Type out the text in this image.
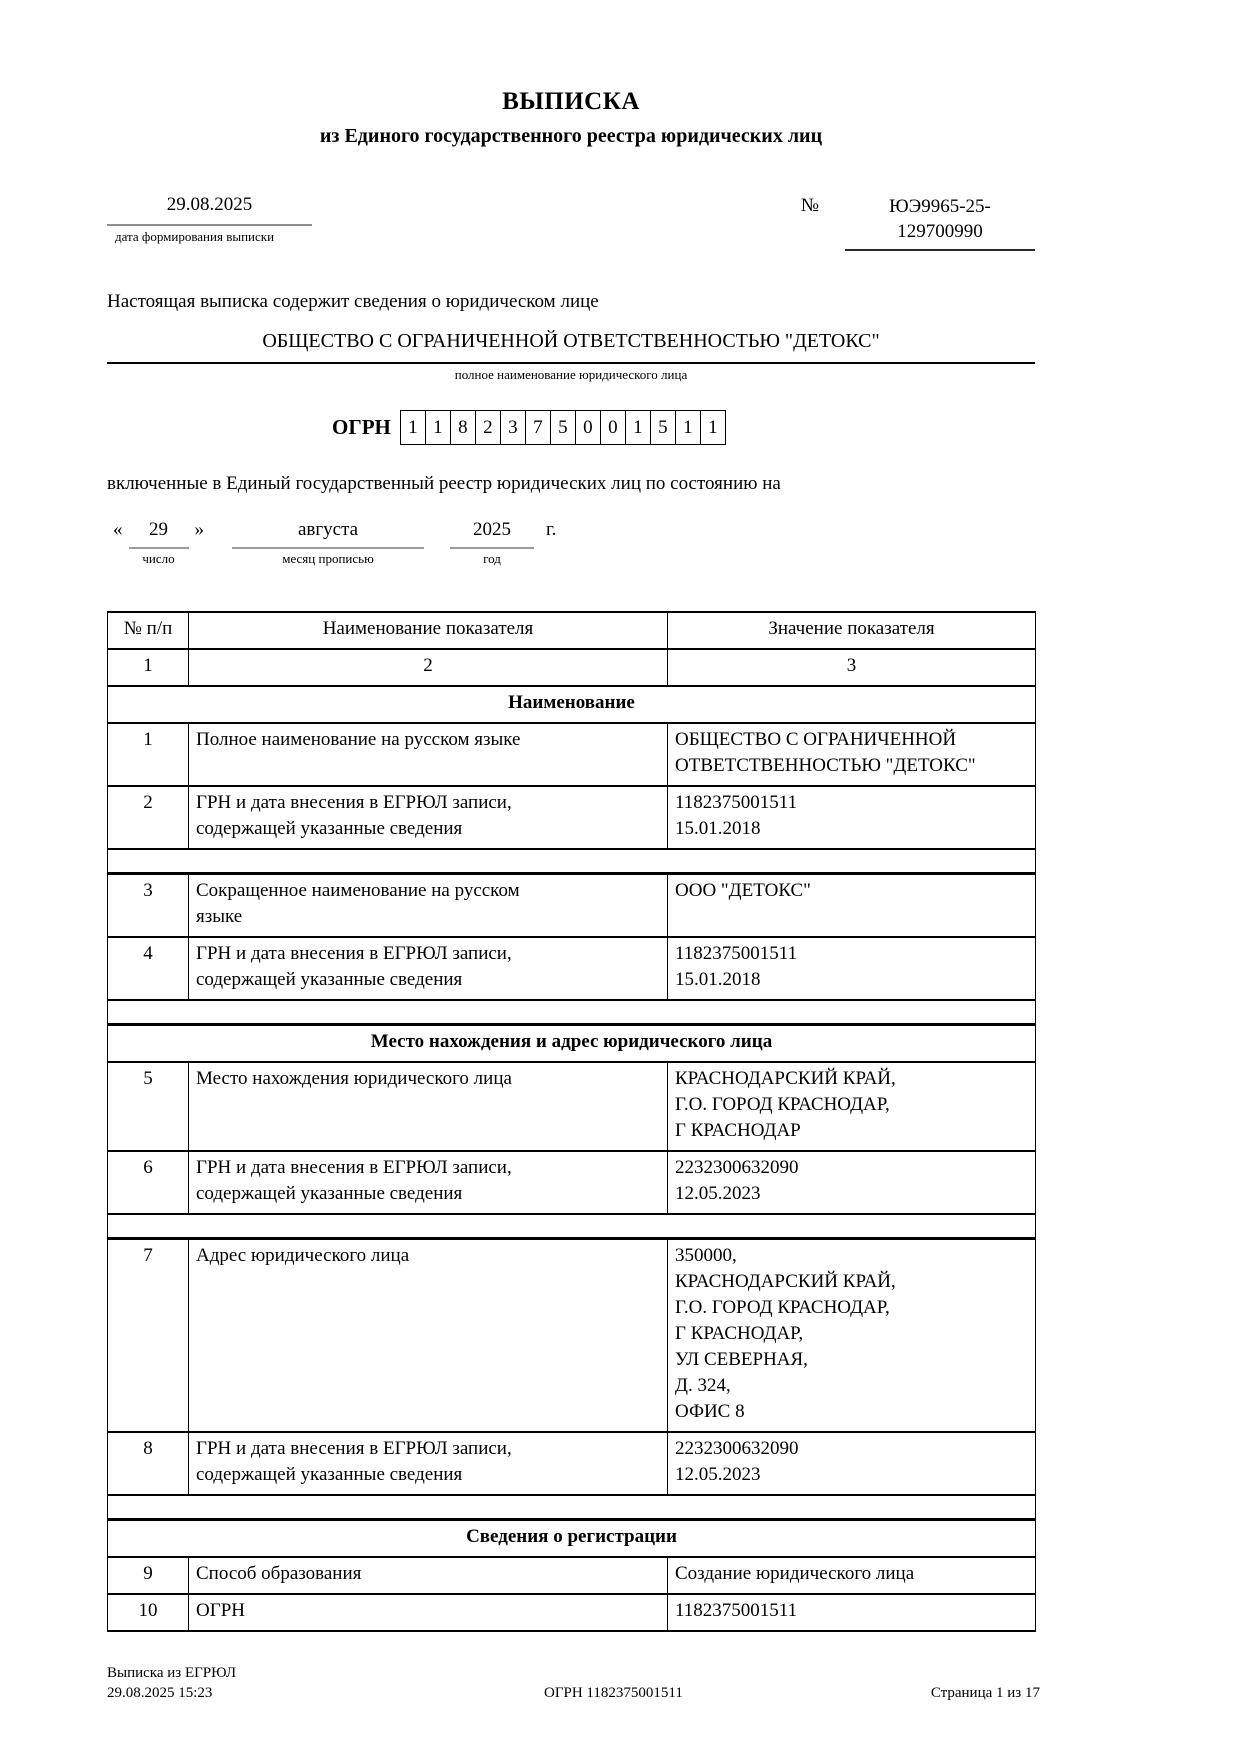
ВЫПИСКА
из Единого государственного реестра юридических лиц
29.08.2025
дата формирования выписки
№	ЮЭ9965-25-
129700990
Настоящая выписка содержит сведения о юридическом лице
ОБЩЕСТВО С ОГРАНИЧЕННОЙ ОТВЕТСТВЕННОСТЬЮ "ДЕТОКС"
полное наименование юридического лица
ОГРН 1 1 8 2 3 7 5 0 0 1 5 1 1
включенные в Единый государственный реестр юридических лиц по состоянию на
«	29
число
»	августа
месяц прописью
2025
год
г.
№ п/п	Наименование показателя	Значение показателя
1	2	3
Наименование		
1	Полное наименование на русском языке	ОБЩЕСТВО С ОГРАНИЧЕННОЙ
ОТВЕТСТВЕННОСТЬЮ "ДЕТОКС"
2	ГРН и дата внесения в ЕГРЮЛ записи,
содержащей указанные сведения	1182375001511
15.01.2018

3	Сокращенное наименование на русском
языке	ООО "ДЕТОКС"
4	ГРН и дата внесения в ЕГРЮЛ записи,
содержащей указанные сведения	1182375001511
15.01.2018

Место нахождения и адрес юридического лица		
5	Место нахождения юридического лица	КРАСНОДАРСКИЙ КРАЙ,
Г.О. ГОРОД КРАСНОДАР,
Г КРАСНОДАР
6	ГРН и дата внесения в ЕГРЮЛ записи,
содержащей указанные сведения	2232300632090
12.05.2023

7	Адрес юридического лица	350000,
КРАСНОДАРСКИЙ КРАЙ,
Г.О. ГОРОД КРАСНОДАР,
Г КРАСНОДАР,
УЛ СЕВЕРНАЯ,
Д. 324,
ОФИС 8
8	ГРН и дата внесения в ЕГРЮЛ записи,
содержащей указанные сведения	2232300632090
12.05.2023

Сведения о регистрации		
9	Способ образования	Создание юридического лица
10	ОГРН	1182375001511
Выписка из ЕГРЮЛ
29.08.2025 15:23	ОГРН 1182375001511	Страница 1 из 17
